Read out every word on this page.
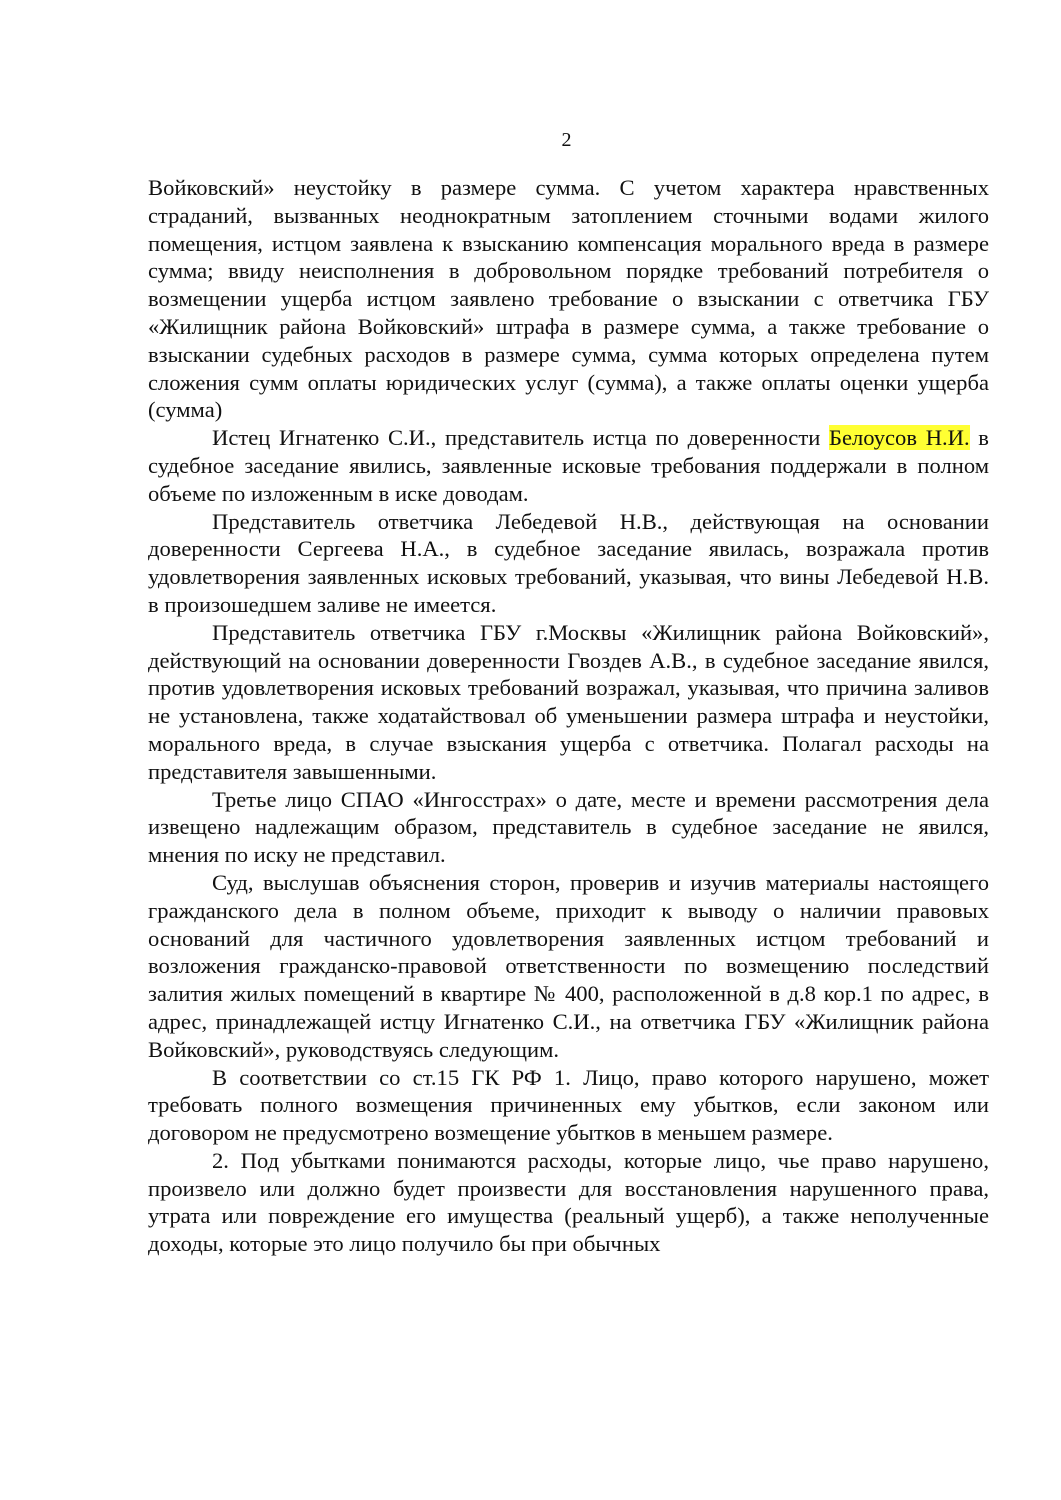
2

Войковский» неустойку в размере сумма. С учетом характера нравственных страданий, вызванных неоднократным затоплением сточными водами жилого помещения, истцом заявлена к взысканию компенсация морального вреда в размере сумма; ввиду неисполнения в добровольном порядке требований потребителя о возмещении ущерба истцом заявлено требование о взыскании с ответчика ГБУ «Жилищник района Войковский» штрафа в размере сумма, а также требование о взыскании судебных расходов в размере сумма, сумма которых определена путем сложения сумм оплаты юридических услуг (сумма), а также оплаты оценки ущерба (сумма)

Истец Игнатенко С.И., представитель истца по доверенности Белоусов Н.И. в судебное заседание явились, заявленные исковые требования поддержали в полном объеме по изложенным в иске доводам.

Представитель ответчика Лебедевой Н.В., действующая на основании доверенности Сергеева Н.А., в судебное заседание явилась, возражала против удовлетворения заявленных исковых требований, указывая, что вины Лебедевой Н.В. в произошедшем заливе не имеется.

Представитель ответчика ГБУ г.Москвы «Жилищник района Войковский», действующий на основании доверенности Гвоздев А.В., в судебное заседание явился, против удовлетворения исковых требований возражал, указывая, что причина заливов не установлена, также ходатайствовал об уменьшении размера штрафа и неустойки, морального вреда, в случае взыскания ущерба с ответчика. Полагал расходы на представителя завышенными.

Третье лицо СПАО «Ингосстрах» о дате, месте и времени рассмотрения дела извещено надлежащим образом, представитель в судебное заседание не явился, мнения по иску не представил.

Суд, выслушав объяснения сторон, проверив и изучив материалы настоящего гражданского дела в полном объеме, приходит к выводу о наличии правовых оснований для частичного удовлетворения заявленных истцом требований и возложения гражданско-правовой ответственности по возмещению последствий залития жилых помещений в квартире № 400, расположенной в д.8 кор.1 по адрес, в адрес, принадлежащей истцу Игнатенко С.И., на ответчика ГБУ «Жилищник района Войковский», руководствуясь следующим.

В соответствии со ст.15 ГК РФ 1. Лицо, право которого нарушено, может требовать полного возмещения причиненных ему убытков, если законом или договором не предусмотрено возмещение убытков в меньшем размере.

2. Под убытками понимаются расходы, которые лицо, чье право нарушено, произвело или должно будет произвести для восстановления нарушенного права, утрата или повреждение его имущества (реальный ущерб), а также неполученные доходы, которые это лицо получило бы при обычных
